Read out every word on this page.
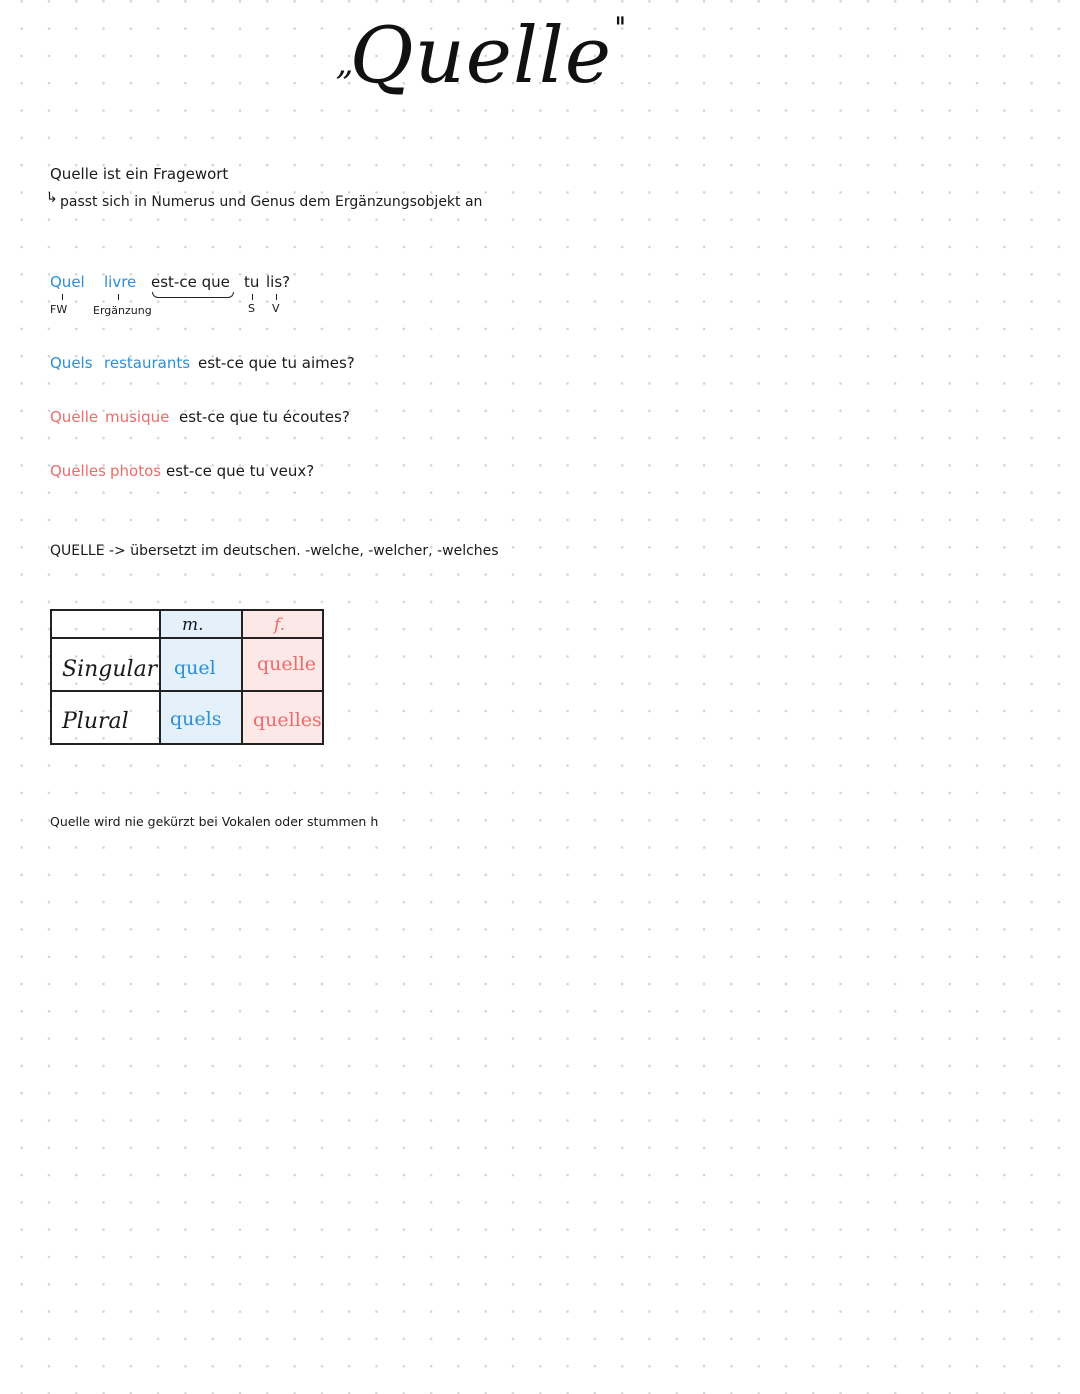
,,Quelle''
Quelle ist ein Fragewort
↳ passt sich in Numerus und Genus dem Ergänzungsobjekt an
Quel livre est-ce que tu lis?
FW Ergänzung	S V
Quels restaurants est-ce que tu aimes?
Quelle musique est-ce que tu écoutes?
Quelles photos est-ce que tu veux?
QUELLE -> übersetzt im deutschen. -welche, -welcher, -welches
m.	f.
Singular quel quelle
Plural quels quelles
Quelle wird nie gekürzt bei Vokalen oder stummen h
